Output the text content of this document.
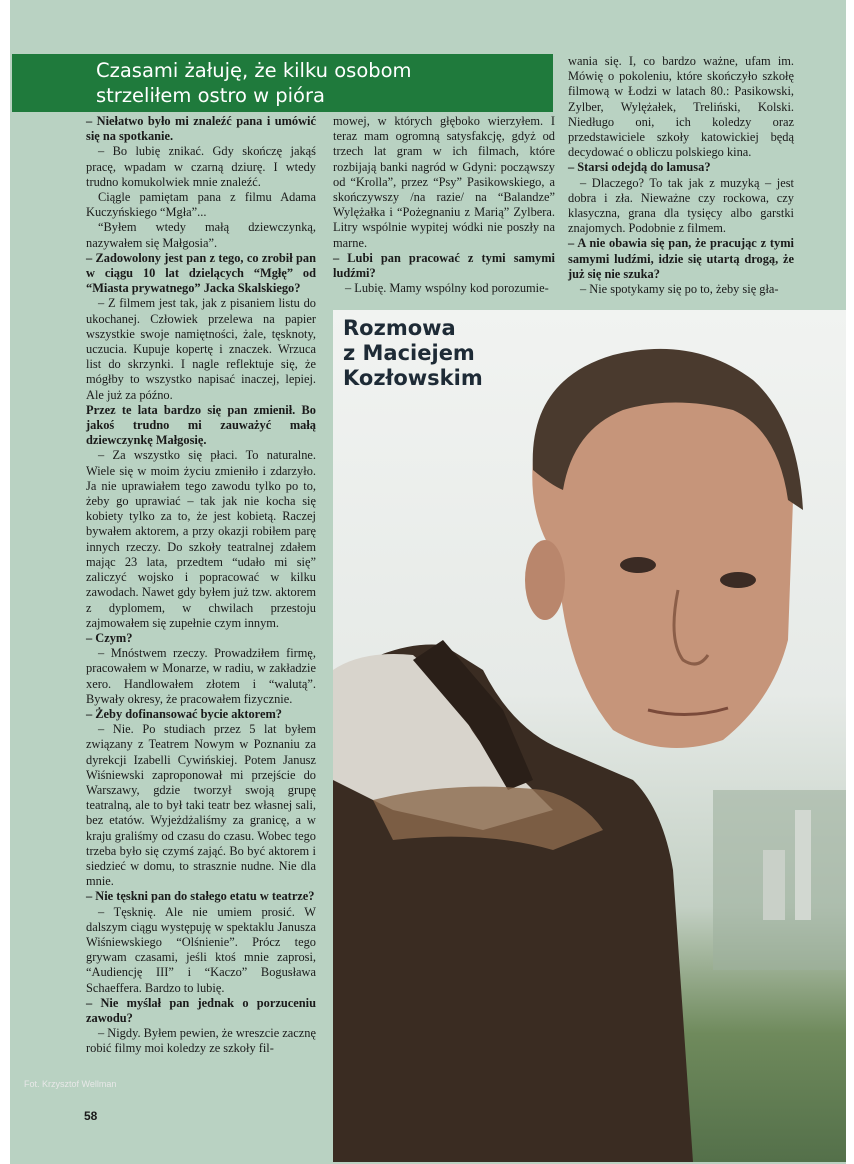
Czasami żałuję, że kilku osobom
strzeliłem ostro w pióra

– Niełatwo było mi znaleźć pana i umówić się na spotkanie.

– Bo lubię znikać. Gdy skończę jakąś pracę, wpadam w czarną dziurę. I wtedy trudno komukolwiek mnie znaleźć.

Ciągle pamiętam pana z filmu Adama Kuczyńskiego “Mgła”...

“Byłem wtedy małą dziewczynką, nazywałem się Małgosia”.

– Zadowolony jest pan z tego, co zrobił pan w ciągu 10 lat dzielących “Mgłę” od “Miasta prywatnego” Jacka Skalskiego?

– Z filmem jest tak, jak z pisaniem listu do ukochanej. Człowiek przelewa na papier wszystkie swoje namiętności, żale, tęsknoty, uczucia. Kupuje kopertę i znaczek. Wrzuca list do skrzynki. I nagle reflektuje się, że mógłby to wszystko napisać inaczej, lepiej. Ale już za późno.

Przez te lata bardzo się pan zmienił. Bo jakoś trudno mi zauważyć małą dziewczynkę Małgosię.

– Za wszystko się płaci. To naturalne. Wiele się w moim życiu zmieniło i zdarzyło. Ja nie uprawiałem tego zawodu tylko po to, żeby go uprawiać – tak jak nie kocha się kobiety tylko za to, że jest kobietą. Raczej bywałem aktorem, a przy okazji robiłem parę innych rzeczy. Do szkoły teatralnej zdałem mając 23 lata, przedtem “udało mi się” zaliczyć wojsko i popracować w kilku zawodach. Nawet gdy byłem już tzw. aktorem z dyplomem, w chwilach przestoju zajmowałem się zupełnie czym innym.

– Czym?

– Mnóstwem rzeczy. Prowadziłem firmę, pracowałem w Monarze, w radiu, w zakładzie xero. Handlowałem złotem i “walutą”. Bywały okresy, że pracowałem fizycznie.

– Żeby dofinansować bycie aktorem?

– Nie. Po studiach przez 5 lat byłem związany z Teatrem Nowym w Poznaniu za dyrekcji Izabelli Cywińskiej. Potem Janusz Wiśniewski zaproponował mi przejście do Warszawy, gdzie tworzył swoją grupę teatralną, ale to był taki teatr bez własnej sali, bez etatów. Wyjeżdżaliśmy za granicę, a w kraju graliśmy od czasu do czasu. Wobec tego trzeba było się czymś zająć. Bo być aktorem i siedzieć w domu, to strasznie nudne. Nie dla mnie.

– Nie tęskni pan do stałego etatu w teatrze?

– Tęsknię. Ale nie umiem prosić. W dalszym ciągu występuję w spektaklu Janusza Wiśniewskiego “Olśnienie”. Prócz tego grywam czasami, jeśli ktoś mnie zaprosi, “Audiencję III” i “Kaczo” Bogusława Schaeffera. Bardzo to lubię.

– Nie myślał pan jednak o porzuceniu zawodu?

– Nigdy. Byłem pewien, że wreszcie zacznę robić filmy moi koledzy ze szkoły fil-

mowej, w których głęboko wierzyłem. I teraz mam ogromną satysfakcję, gdyż od trzech lat gram w ich filmach, które rozbijają banki nagród w Gdyni: począwszy od “Krolla”, przez “Psy” Pasikowskiego, a skończywszy /na razie/ na “Balandze” Wylężałka i “Pożegnaniu z Marią” Zylbera. Litry wspólnie wypitej wódki nie poszły na marne.

– Lubi pan pracować z tymi samymi ludźmi?

– Lubię. Mamy wspólny kod porozumie-

wania się. I, co bardzo ważne, ufam im. Mówię o pokoleniu, które skończyło szkołę filmową w Łodzi w latach 80.: Pasikowski, Zylber, Wylężałek, Treliński, Kolski. Niedługo oni, ich koledzy oraz przedstawiciele szkoły katowickiej będą decydować o obliczu polskiego kina.

– Starsi odejdą do lamusa?

– Dlaczego? To tak jak z muzyką – jest dobra i zła. Nieważne czy rockowa, czy klasyczna, grana dla tysięcy albo garstki znajomych. Podobnie z filmem.

– A nie obawia się pan, że pracując z tymi samymi ludźmi, idzie się utartą drogą, że już się nie szuka?

– Nie spotykamy się po to, żeby się gła-

Rozmowa
z Maciejem
Kozłowskim
Fot. Krzysztof Wellman
58
